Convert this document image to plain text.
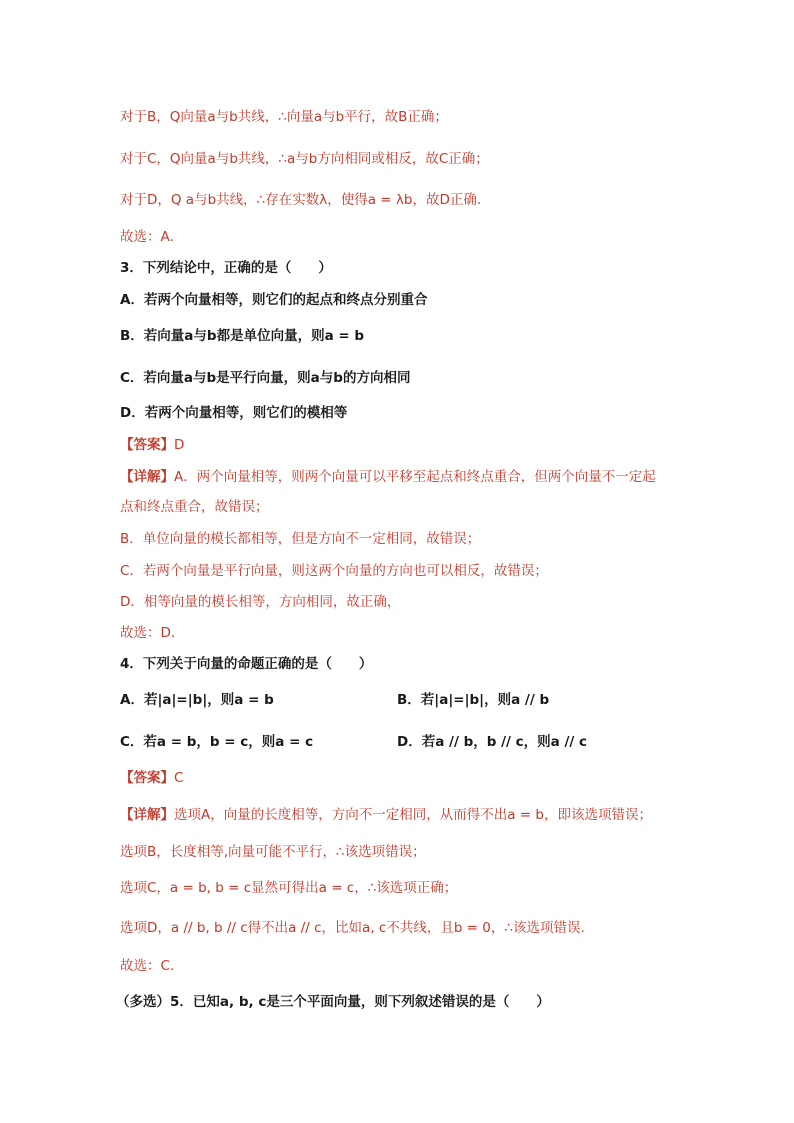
对于B，Q向量a与b共线，∴向量a与b平行，故B正确；
对于C，Q向量a与b共线，∴a与b方向相同或相反，故C正确；
对于D，Q a与b共线，∴存在实数λ，使得a = λb，故D正确.
故选：A.
3．下列结论中，正确的是（　　）
A．若两个向量相等，则它们的起点和终点分别重合
B．若向量a与b都是单位向量，则a = b
C．若向量a与b是平行向量，则a与b的方向相同
D．若两个向量相等，则它们的模相等
【答案】D
【详解】A．两个向量相等，则两个向量可以平移至起点和终点重合，但两个向量不一定起
点和终点重合，故错误；
B．单位向量的模长都相等，但是方向不一定相同，故错误；
C．若两个向量是平行向量，则这两个向量的方向也可以相反，故错误；
D．相等向量的模长相等，方向相同，故正确，
故选：D.
4．下列关于向量的命题正确的是（　　）
A．若|a|=|b|，则a = b	B．若|a|=|b|，则a // b
C．若a = b，b = c，则a = c	D．若a // b，b // c，则a // c
【答案】C
【详解】选项A，向量的长度相等，方向不一定相同，从而得不出a = b，即该选项错误；
选项B，长度相等,向量可能不平行，∴该选项错误；
选项C，a = b, b = c显然可得出a = c，∴该选项正确；
选项D，a // b, b // c得不出a // c，比如a, c不共线，且b = 0，∴该选项错误.
故选：C.
（多选）5．已知a, b, c是三个平面向量，则下列叙述错误的是（　　）
